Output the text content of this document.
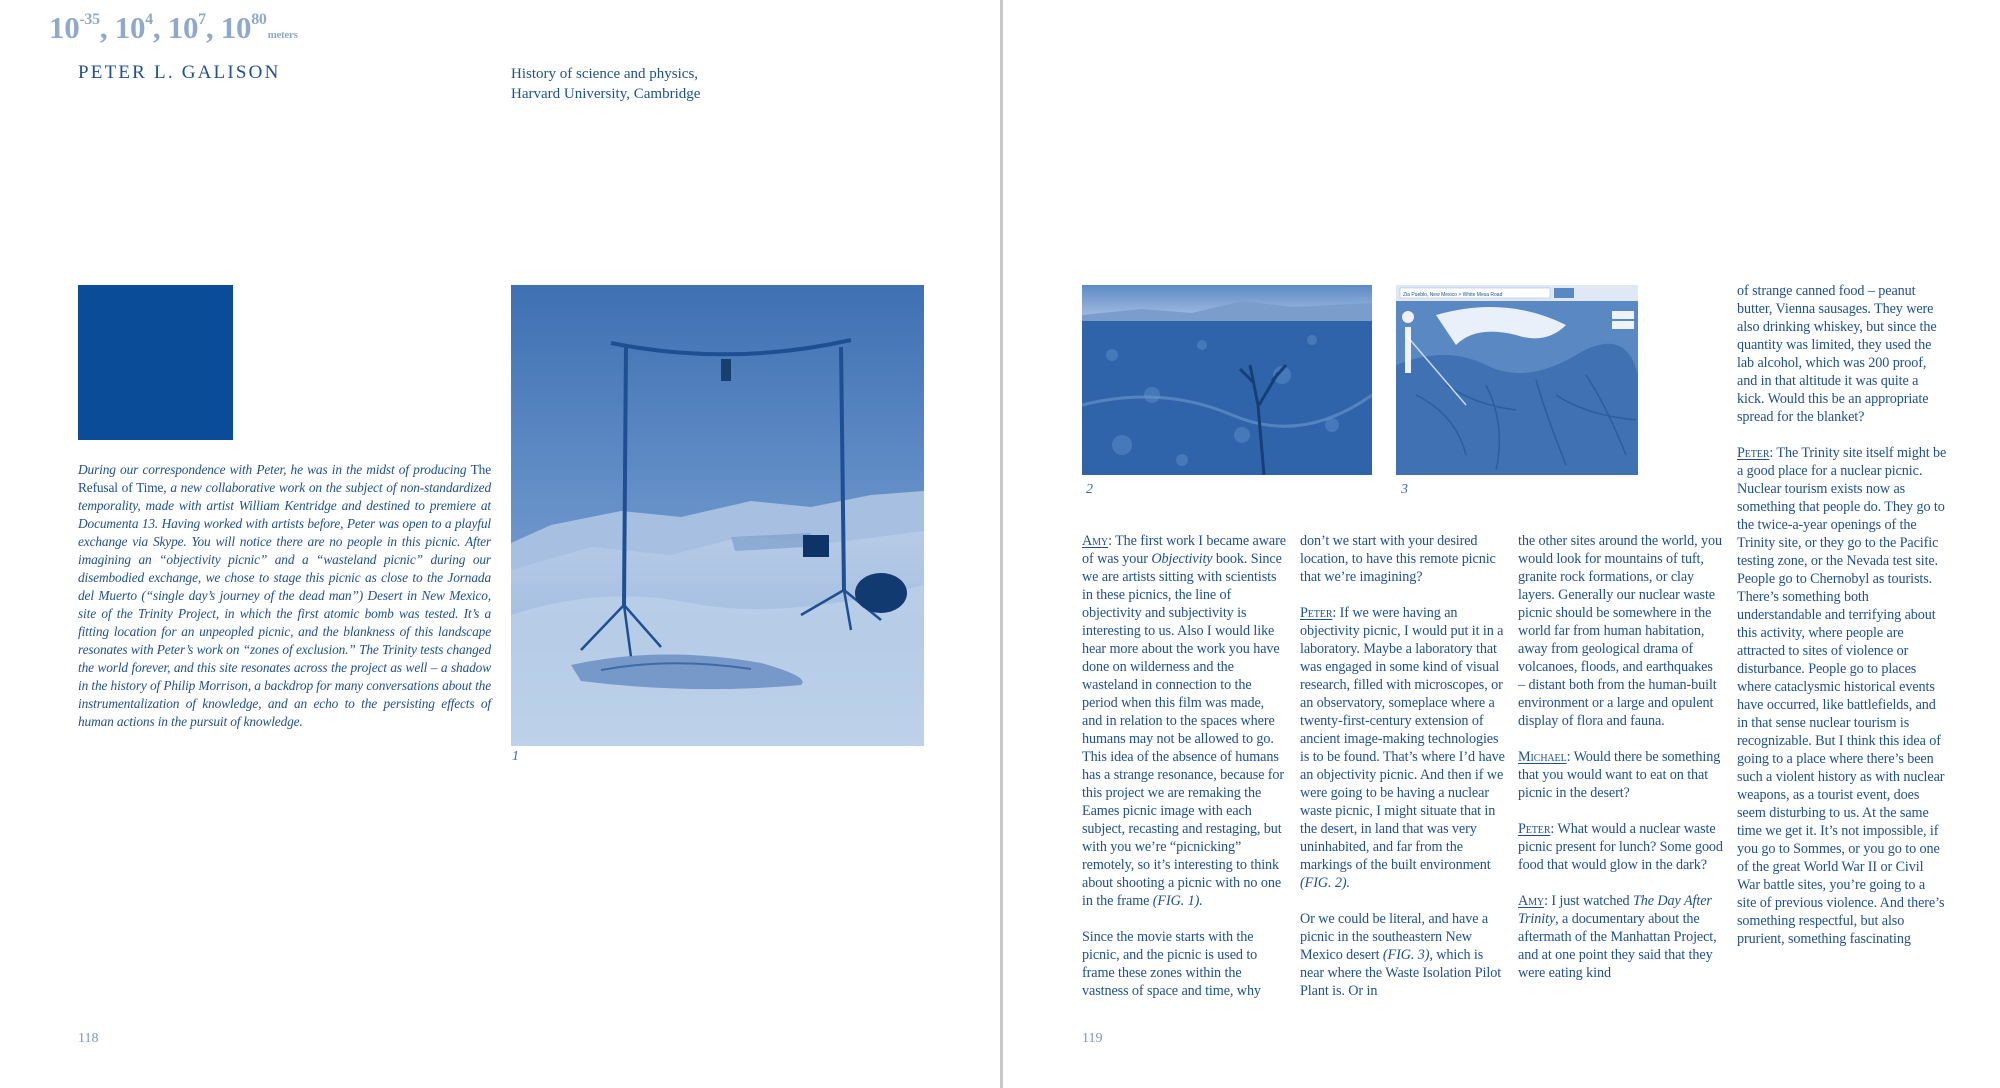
$10^{-35}$, $10^4$, $10^7$, $10^{80}meters$
PETER L. GALISON	History of science and physics,
Harvard University, Cambridge
During our correspondence with Peter, he was in the midst of producing The Refusal of Time, a new collaborative work on the subject of non-standardized temporality, made with artist William Kentridge and destined to premiere at Documenta 13. Having worked with artists before, Peter was open to a playful exchange via Skype. You will notice there are no people in this picnic. After imagining an “objectivity picnic” and a “wasteland picnic” during our disembodied exchange, we chose to stage this picnic as close to the Jornada del Muerto (“single day’s journey of the dead man”) Desert in New Mexico, site of the Trinity Project, in which the first atomic bomb was tested. It’s a fitting location for an unpeopled picnic, and the blankness of this landscape resonates with Peter’s work on “zones of exclusion.” The Trinity tests changed the world forever, and this site resonates across the project as well – a shadow in the history of Philip Morrison, a backdrop for many conversations about the instrumentalization of knowledge, and an echo to the persisting effects of human actions in the pursuit of knowledge.
1
118
2
Zia Pueblo, New Mexico > White Mesa Road
3

Amy: The first work I became aware of was your Objectivity book. Since we are artists sitting with scientists in these picnics, the line of objectivity and subjectivity is interesting to us. Also I would like hear more about the work you have done on wilderness and the wasteland in connection to the period when this film was made, and in relation to the spaces where humans may not be allowed to go. This idea of the absence of humans has a strange resonance, because for this project we are remaking the Eames picnic image with each subject, recasting and restaging, but with you we’re “picnicking” remotely, so it’s interesting to think about shooting a picnic with no one in the frame (FIG. 1).

Since the movie starts with the picnic, and the picnic is used to frame these zones within the vastness of space and time, why

don’t we start with your desired location, to have this remote picnic that we’re imagining?

Peter: If we were having an objectivity picnic, I would put it in a laboratory. Maybe a laboratory that was engaged in some kind of visual research, filled with microscopes, or an observatory, someplace where a twenty-first-century extension of ancient image-making technologies is to be found. That’s where I’d have an objectivity picnic. And then if we were going to be having a nuclear waste picnic, I might situate that in the desert, in land that was very uninhabited, and far from the markings of the built environment (FIG. 2).

Or we could be literal, and have a picnic in the southeastern New Mexico desert (FIG. 3), which is near where the Waste Isolation Pilot Plant is. Or in

the other sites around the world, you would look for mountains of tuft, granite rock formations, or clay layers. Generally our nuclear waste picnic should be somewhere in the world far from human habitation, away from geological drama of volcanoes, floods, and earthquakes – distant both from the human-built environment or a large and opulent display of flora and fauna.

Michael: Would there be something that you would want to eat on that picnic in the desert?

Peter: What would a nuclear waste picnic present for lunch? Some good food that would glow in the dark?

Amy: I just watched The Day After Trinity, a documentary about the aftermath of the Manhattan Project, and at one point they said that they were eating kind

of strange canned food – peanut butter, Vienna sausages. They were also drinking whiskey, but since the quantity was limited, they used the lab alcohol, which was 200 proof, and in that altitude it was quite a kick. Would this be an appropriate spread for the blanket?

Peter: The Trinity site itself might be a good place for a nuclear picnic. Nuclear tourism exists now as something that people do. They go to the twice-a-year openings of the Trinity site, or they go to the Pacific testing zone, or the Nevada test site. People go to Chernobyl as tourists. There’s something both understandable and terrifying about this activity, where people are attracted to sites of violence or disturbance. People go to places where cataclysmic historical events have occurred, like battlefields, and in that sense nuclear tourism is recognizable. But I think this idea of going to a place where there’s been such a violent history as with nuclear weapons, as a tourist event, does seem disturbing to us. At the same time we get it. It’s not impossible, if you go to Sommes, or you go to one of the great World War II or Civil War battle sites, you’re going to a site of previous violence. And there’s something respectful, but also prurient, something fascinating

119
